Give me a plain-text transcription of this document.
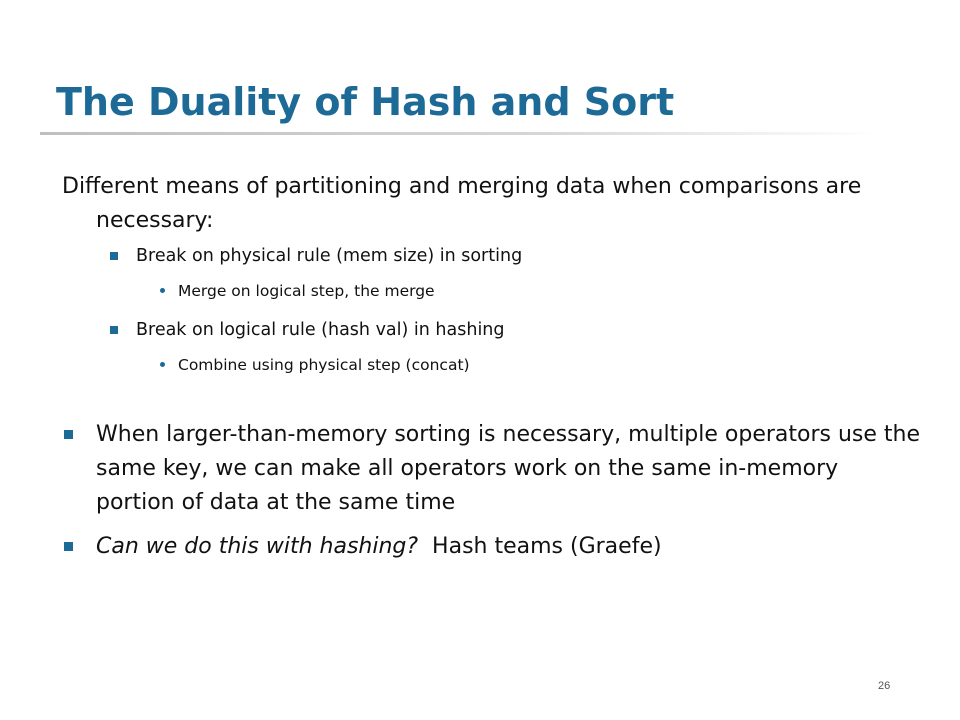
The Duality of Hash and Sort

Different means of partitioning and merging data when comparisons are necessary:

Break on physical rule (mem size) in sorting
Merge on logical step, the merge
Break on logical rule (hash val) in hashing
Combine using physical step (concat)
When larger-than-memory sorting is necessary, multiple operators use the same key, we can make all operators work on the same in-memory portion of data at the same time
Can we do this with hashing?  Hash teams (Graefe)
26
